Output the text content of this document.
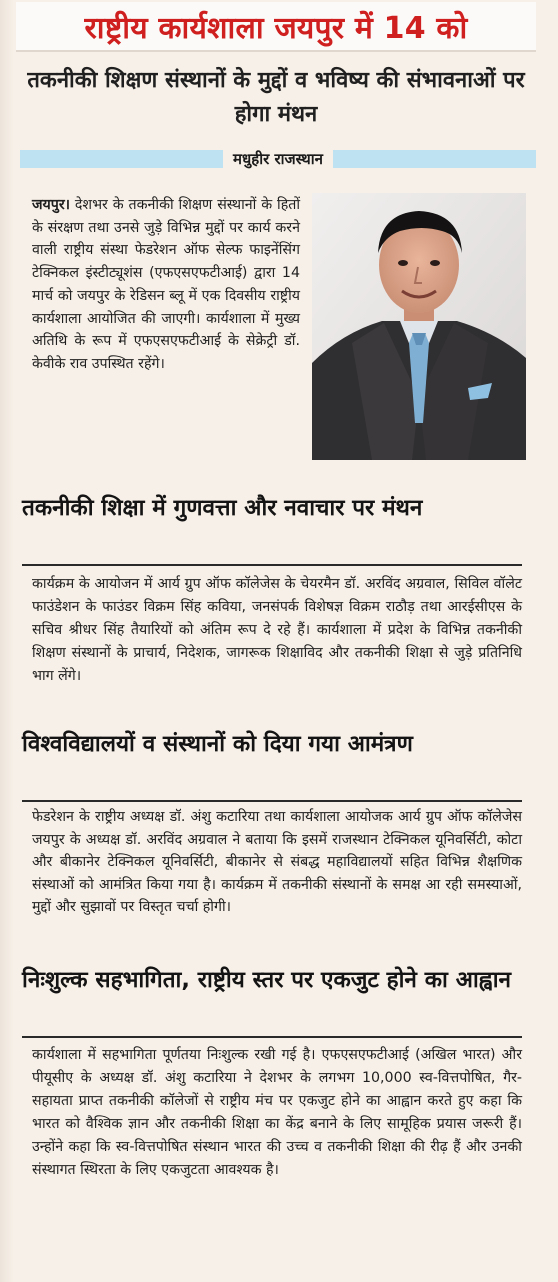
राष्ट्रीय कार्यशाला जयपुर में 14 को
तकनीकी शिक्षण संस्थानों के मुद्दों व भविष्य की संभावनाओं पर होगा मंथन
मधुहीर राजस्थान
जयपुर। देशभर के तकनीकी शिक्षण संस्थानों के हितों के संरक्षण तथा उनसे जुड़े विभिन्न मुद्दों पर कार्य करने वाली राष्ट्रीय संस्था फेडरेशन ऑफ सेल्फ फाइनेंसिंग टेक्निकल इंस्टीट्यूशंस (एफएसएफटीआई) द्वारा 14 मार्च को जयपुर के रेडिसन ब्लू में एक दिवसीय राष्ट्रीय कार्यशाला आयोजित की जाएगी। कार्यशाला में मुख्य अतिथि के रूप में एफएसएफटीआई के सेक्रेट्री डॉ. केवीके राव उपस्थित रहेंगे।
तकनीकी शिक्षा में गुणवत्ता और नवाचार पर मंथन
कार्यक्रम के आयोजन में आर्य ग्रुप ऑफ कॉलेजेस के चेयरमैन डॉ. अरविंद अग्रवाल, सिविल वॉलेट फाउंडेशन के फाउंडर विक्रम सिंह कविया, जनसंपर्क विशेषज्ञ विक्रम राठौड़ तथा आरईसीएस के सचिव श्रीधर सिंह तैयारियों को अंतिम रूप दे रहे हैं। कार्यशाला में प्रदेश के विभिन्न तकनीकी शिक्षण संस्थानों के प्राचार्य, निदेशक, जागरूक शिक्षाविद और तकनीकी शिक्षा से जुड़े प्रतिनिधि भाग लेंगे।
विश्वविद्यालयों व संस्थानों को दिया गया आमंत्रण
फेडरेशन के राष्ट्रीय अध्यक्ष डॉ. अंशु कटारिया तथा कार्यशाला आयोजक आर्य ग्रुप ऑफ कॉलेजेस जयपुर के अध्यक्ष डॉ. अरविंद अग्रवाल ने बताया कि इसमें राजस्थान टेक्निकल यूनिवर्सिटी, कोटा और बीकानेर टेक्निकल यूनिवर्सिटी, बीकानेर से संबद्ध महाविद्यालयों सहित विभिन्न शैक्षणिक संस्थाओं को आमंत्रित किया गया है। कार्यक्रम में तकनीकी संस्थानों के समक्ष आ रही समस्याओं, मुद्दों और सुझावों पर विस्तृत चर्चा होगी।
निःशुल्क सहभागिता, राष्ट्रीय स्तर पर एकजुट होने का आह्वान
कार्यशाला में सहभागिता पूर्णतया निःशुल्क रखी गई है। एफएसएफटीआई (अखिल भारत) और पीयूसीए के अध्यक्ष डॉ. अंशु कटारिया ने देशभर के लगभग 10,000 स्व-वित्तपोषित, गैर-सहायता प्राप्त तकनीकी कॉलेजों से राष्ट्रीय मंच पर एकजुट होने का आह्वान करते हुए कहा कि भारत को वैश्विक ज्ञान और तकनीकी शिक्षा का केंद्र बनाने के लिए सामूहिक प्रयास जरूरी हैं। उन्होंने कहा कि स्व-वित्तपोषित संस्थान भारत की उच्च व तकनीकी शिक्षा की रीढ़ हैं और उनकी संस्थागत स्थिरता के लिए एकजुटता आवश्यक है।
